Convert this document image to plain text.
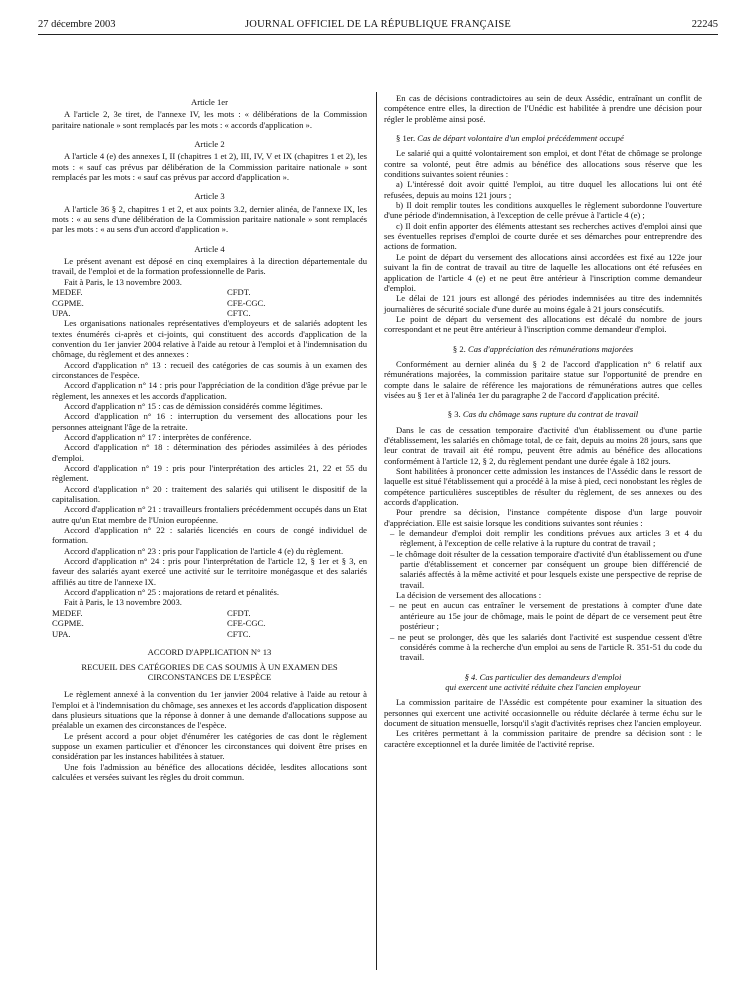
27 décembre 2003	JOURNAL OFFICIEL DE LA RÉPUBLIQUE FRANÇAISE	22245

Article 1er

A l'article 2, 3e tiret, de l'annexe IV, les mots : « délibérations de la Commission paritaire nationale » sont remplacés par les mots : « accords d'application ».

Article 2

A l'article 4 (e) des annexes I, II (chapitres 1 et 2), III, IV, V et IX (chapitres 1 et 2), les mots : « sauf cas prévus par délibération de la Commission paritaire nationale » sont remplacés par les mots : « sauf cas prévus par accord d'application ».

Article 3

A l'article 36 § 2, chapitres 1 et 2, et aux points 3.2, dernier alinéa, de l'annexe IX, les mots : « au sens d'une délibération de la Commission paritaire nationale » sont remplacés par les mots : « au sens d'un accord d'application ».

Article 4

Le présent avenant est déposé en cinq exemplaires à la direction départementale du travail, de l'emploi et de la formation professionnelle de Paris.

Fait à Paris, le 13 novembre 2003.

MEDEF.	CFDT.
CGPME.	CFE-CGC.
UPA.	CFTC.

Les organisations nationales représentatives d'employeurs et de salariés adoptent les textes énumérés ci-après et ci-joints, qui constituent des accords d'application de la convention du 1er janvier 2004 relative à l'aide au retour à l'emploi et à l'indemnisation du chômage, du règlement et des annexes :

Accord d'application n° 13 : recueil des catégories de cas soumis à un examen des circonstances de l'espèce.

Accord d'application n° 14 : pris pour l'appréciation de la condition d'âge prévue par le règlement, les annexes et les accords d'application.

Accord d'application n° 15 : cas de démission considérés comme légitimes.

Accord d'application n° 16 : interruption du versement des allocations pour les personnes atteignant l'âge de la retraite.

Accord d'application n° 17 : interprètes de conférence.

Accord d'application n° 18 : détermination des périodes assimilées à des périodes d'emploi.

Accord d'application n° 19 : pris pour l'interprétation des articles 21, 22 et 55 du règlement.

Accord d'application n° 20 : traitement des salariés qui utilisent le dispositif de la capitalisation.

Accord d'application n° 21 : travailleurs frontaliers précédemment occupés dans un Etat autre qu'un Etat membre de l'Union européenne.

Accord d'application n° 22 : salariés licenciés en cours de congé individuel de formation.

Accord d'application n° 23 : pris pour l'application de l'article 4 (e) du règlement.

Accord d'application n° 24 : pris pour l'interprétation de l'article 12, § 1er et § 3, en faveur des salariés ayant exercé une activité sur le territoire monégasque et des salariés affiliés au titre de l'annexe IX.

Accord d'application n° 25 : majorations de retard et pénalités.

Fait à Paris, le 13 novembre 2003.

MEDEF.	CFDT.
CGPME.	CFE-CGC.
UPA.	CFTC.

ACCORD D'APPLICATION N° 13

RECUEIL DES CATÉGORIES DE CAS SOUMIS À UN EXAMEN DES CIRCONSTANCES DE L'ESPÈCE

Le règlement annexé à la convention du 1er janvier 2004 relative à l'aide au retour à l'emploi et à l'indemnisation du chômage, ses annexes et les accords d'application disposent dans plusieurs situations que la réponse à donner à une demande d'allocations suppose au préalable un examen des circonstances de l'espèce.

Le présent accord a pour objet d'énumérer les catégories de cas dont le règlement suppose un examen particulier et d'énoncer les circonstances qui doivent être prises en considération par les instances habilitées à statuer.

Une fois l'admission au bénéfice des allocations décidée, lesdites allocations sont calculées et versées suivant les règles du droit commun.

En cas de décisions contradictoires au sein de deux Assédic, entraînant un conflit de compétence entre elles, la direction de l'Unédic est habilitée à prendre une décision pour régler le problème ainsi posé.

§ 1er. Cas de départ volontaire d'un emploi précédemment occupé

Le salarié qui a quitté volontairement son emploi, et dont l'état de chômage se prolonge contre sa volonté, peut être admis au bénéfice des allocations sous réserve que les conditions suivantes soient réunies :

a) L'intéressé doit avoir quitté l'emploi, au titre duquel les allocations lui ont été refusées, depuis au moins 121 jours ;

b) Il doit remplir toutes les conditions auxquelles le règlement subordonne l'ouverture d'une période d'indemnisation, à l'exception de celle prévue à l'article 4 (e) ;

c) Il doit enfin apporter des éléments attestant ses recherches actives d'emploi ainsi que ses éventuelles reprises d'emploi de courte durée et ses démarches pour entreprendre des actions de formation.

Le point de départ du versement des allocations ainsi accordées est fixé au 122e jour suivant la fin de contrat de travail au titre de laquelle les allocations ont été refusées en application de l'article 4 (e) et ne peut être antérieur à l'inscription comme demandeur d'emploi.

Le délai de 121 jours est allongé des périodes indemnisées au titre des indemnités journalières de sécurité sociale d'une durée au moins égale à 21 jours consécutifs.

Le point de départ du versement des allocations est décalé du nombre de jours correspondant et ne peut être antérieur à l'inscription comme demandeur d'emploi.

§ 2. Cas d'appréciation des rémunérations majorées

Conformément au dernier alinéa du § 2 de l'accord d'application n° 6 relatif aux rémunérations majorées, la commission paritaire statue sur l'opportunité de prendre en compte dans le salaire de référence les majorations de rémunérations autres que celles visées au § 1er et à l'alinéa 1er du paragraphe 2 de l'accord d'application précité.

§ 3. Cas du chômage sans rupture du contrat de travail

Dans le cas de cessation temporaire d'activité d'un établissement ou d'une partie d'établissement, les salariés en chômage total, de ce fait, depuis au moins 28 jours, sans que leur contrat de travail ait été rompu, peuvent être admis au bénéfice des allocations conformément à l'article 12, § 2, du règlement pendant une durée égale à 182 jours.

Sont habilitées à prononcer cette admission les instances de l'Assédic dans le ressort de laquelle est situé l'établissement qui a procédé à la mise à pied, ceci nonobstant les règles de compétence particulières susceptibles de résulter du règlement, de ses annexes ou des accords d'application.

Pour prendre sa décision, l'instance compétente dispose d'un large pouvoir d'appréciation. Elle est saisie lorsque les conditions suivantes sont réunies :

– le demandeur d'emploi doit remplir les conditions prévues aux articles 3 et 4 du règlement, à l'exception de celle relative à la rupture du contrat de travail ;

– le chômage doit résulter de la cessation temporaire d'activité d'un établissement ou d'une partie d'établissement et concerner par conséquent un groupe bien différencié de salariés affectés à la même activité et pour lesquels existe une perspective de reprise de travail.

La décision de versement des allocations :

– ne peut en aucun cas entraîner le versement de prestations à compter d'une date antérieure au 15e jour de chômage, mais le point de départ de ce versement peut être postérieur ;

– ne peut se prolonger, dès que les salariés dont l'activité est suspendue cessent d'être considérés comme à la recherche d'un emploi au sens de l'article R. 351-51 du code du travail.

§ 4. Cas particulier des demandeurs d'emploi

qui exercent une activité réduite chez l'ancien employeur

La commission paritaire de l'Assédic est compétente pour examiner la situation des personnes qui exercent une activité occasionnelle ou réduite déclarée à terme échu sur le document de situation mensuelle, lorsqu'il s'agit d'activités reprises chez l'ancien employeur.

Les critères permettant à la commission paritaire de prendre sa décision sont : le caractère exceptionnel et la durée limitée de l'activité reprise.
